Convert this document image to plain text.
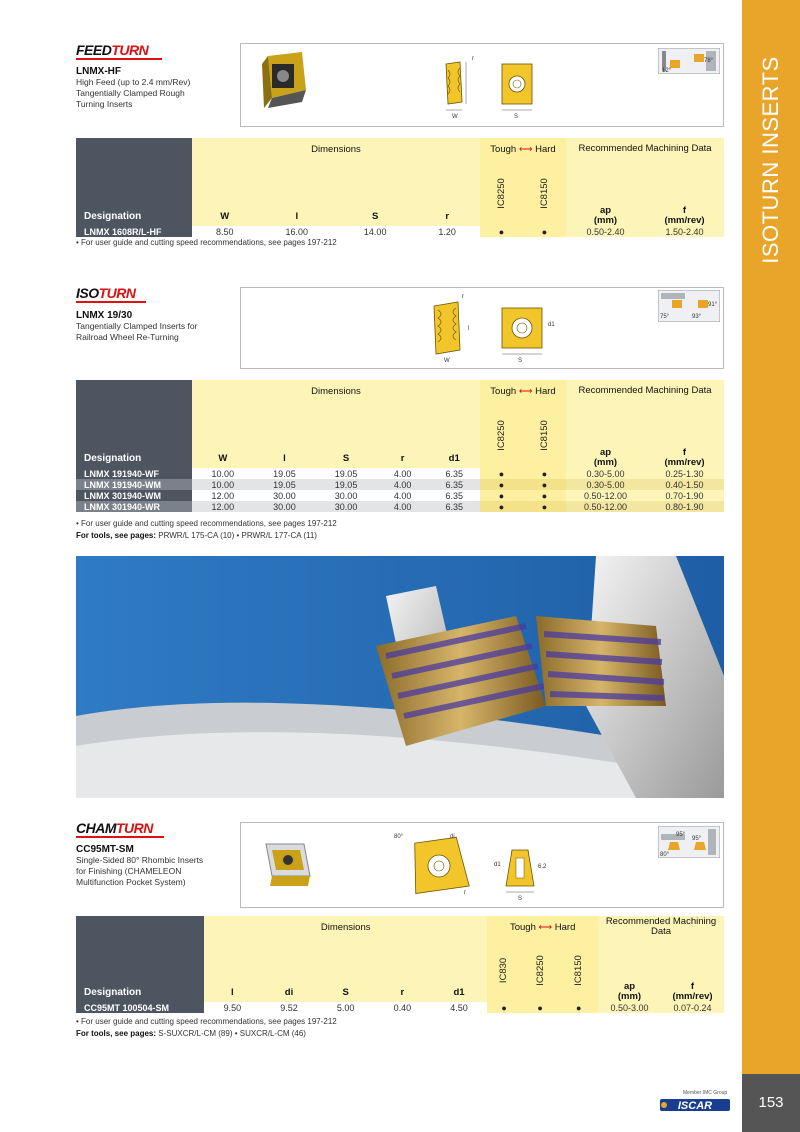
ISOTURN INSERTS
153
Member IMC Group
ISCAR
FEEDTURN
LNMX-HF
High Feed (up to 2.4 mm/Rev)
Tangentially Clamped Rough
Turning Inserts
W
r
S
12°
78°
	Dimensions				Tough ⟷ Hard		Recommended Machining Data	
					IC8250	IC8150		
Designation	W	l	S	r			ap
(mm)	f
(mm/rev)
LNMX 1608R/L-HF	8.50	16.00	14.00	1.20	●	●	0.50-2.40	1.50-2.40
• For user guide and cutting speed recommendations, see pages 197-212
ISOTURN
LNMX 19/30
Tangentially Clamped Inserts for
Railroad Wheel Re-Turning
r
l
W
d1
S
75°
91°
93°
	Dimensions					Tough ⟷ Hard		Recommended Machining Data	
						IC8250	IC8150		
Designation	W	l	S	r	d1			ap
(mm)	f
(mm/rev)
LNMX 191940-WF	10.00	19.05	19.05	4.00	6.35	●	●	0.30-5.00	0.25-1.30
LNMX 191940-WM	10.00	19.05	19.05	4.00	6.35	●	●	0.30-5.00	0.40-1.50
LNMX 301940-WM	12.00	30.00	30.00	4.00	6.35	●	●	0.50-12.00	0.70-1.90
LNMX 301940-WR	12.00	30.00	30.00	4.00	6.35	●	●	0.50-12.00	0.80-1.90
• For user guide and cutting speed recommendations, see pages 197-212
For tools, see pages: PRWR/L 175-CA (10) • PRWR/L 177-CA (11)
CHAMTURN
CC95MT-SM
Single-Sided 80° Rhombic Inserts
for Finishing (CHAMELEON
Multifunction Pocket System)
80°	di
r
d1	6.2
S
95°
95°
80°
	Dimensions					Tough ⟷ Hard			Recommended Machining Data	
						IC830	IC8250	IC8150		
Designation	l	di	S	r	d1				ap
(mm)	f
(mm/rev)
CC95MT 100504-SM	9.50	9.52	5.00	0.40	4.50	●	●	●	0.50-3.00	0.07-0.24
• For user guide and cutting speed recommendations, see pages 197-212
For tools, see pages: S-SUXCR/L-CM (89) • SUXCR/L-CM (46)
